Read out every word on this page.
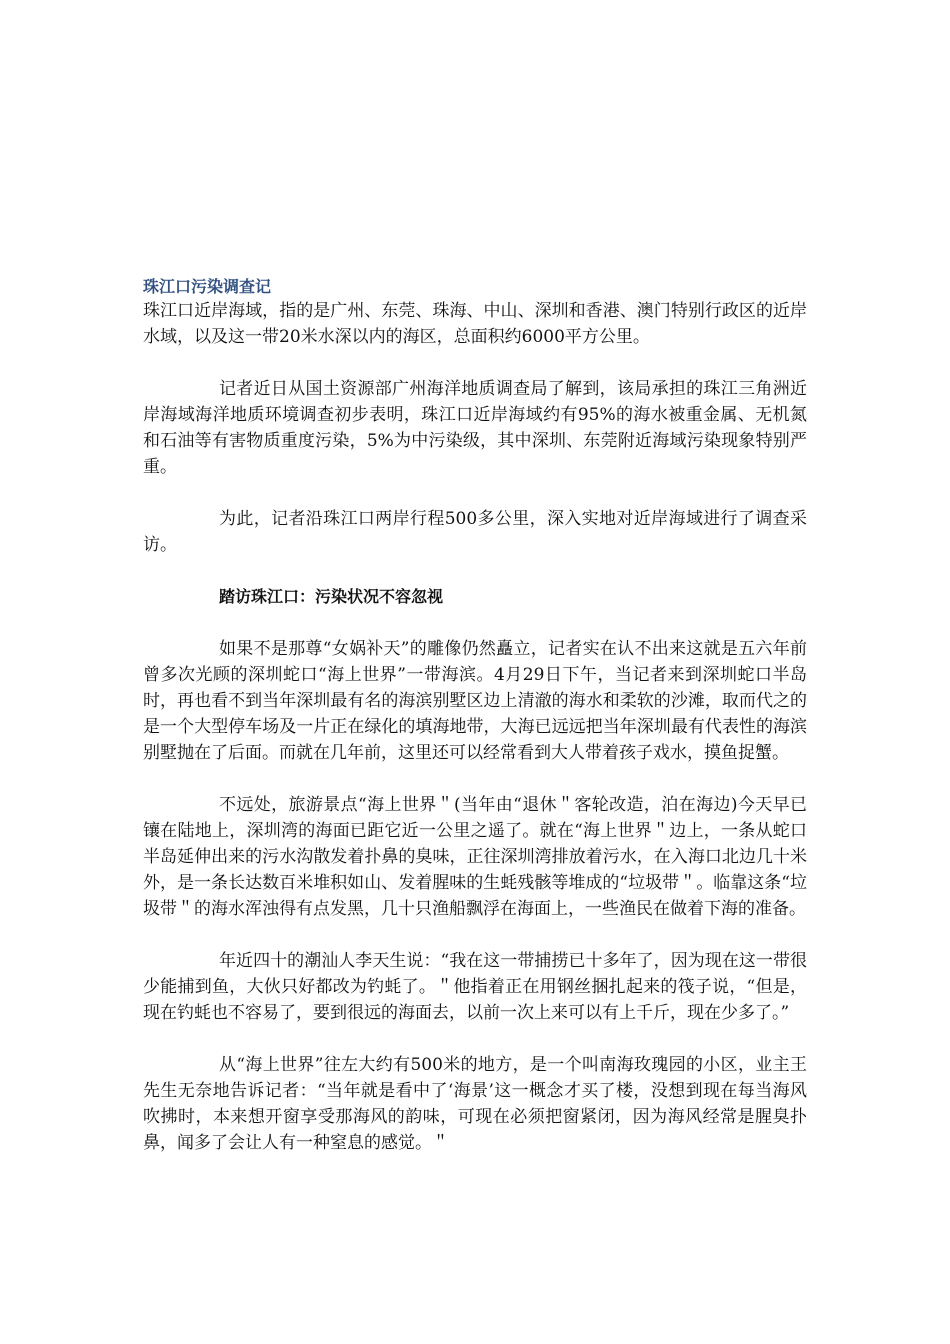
珠江口污染调查记

珠江口近岸海域，指的是广州、东莞、珠海、中山、深圳和香港、澳门特别行政区的近岸水域，以及这一带20米水深以内的海区，总面积约6000平方公里。

记者近日从国土资源部广州海洋地质调查局了解到，该局承担的珠江三角洲近岸海域海洋地质环境调查初步表明，珠江口近岸海域约有95%的海水被重金属、无机氮和石油等有害物质重度污染，5%为中污染级，其中深圳、东莞附近海域污染现象特别严重。

为此，记者沿珠江口两岸行程500多公里，深入实地对近岸海域进行了调查采访。

踏访珠江口：污染状况不容忽视

如果不是那尊“女娲补天”的雕像仍然矗立，记者实在认不出来这就是五六年前曾多次光顾的深圳蛇口“海上世界”一带海滨。4月29日下午，当记者来到深圳蛇口半岛时，再也看不到当年深圳最有名的海滨别墅区边上清澈的海水和柔软的沙滩，取而代之的是一个大型停车场及一片正在绿化的填海地带，大海已远远把当年深圳最有代表性的海滨别墅抛在了后面。而就在几年前，这里还可以经常看到大人带着孩子戏水，摸鱼捉蟹。

不远处，旅游景点“海上世界＂(当年由“退休＂客轮改造，泊在海边)今天早已镶在陆地上，深圳湾的海面已距它近一公里之遥了。就在“海上世界＂边上，一条从蛇口半岛延伸出来的污水沟散发着扑鼻的臭味，正往深圳湾排放着污水，在入海口北边几十米外，是一条长达数百米堆积如山、发着腥味的生蚝残骸等堆成的“垃圾带＂。临靠这条“垃圾带＂的海水浑浊得有点发黑，几十只渔船飘浮在海面上，一些渔民在做着下海的准备。

年近四十的潮汕人李天生说：“我在这一带捕捞已十多年了，因为现在这一带很少能捕到鱼，大伙只好都改为钓蚝了。＂他指着正在用钢丝捆扎起来的筏子说，“但是，现在钓蚝也不容易了，要到很远的海面去，以前一次上来可以有上千斤，现在少多了。”

从“海上世界”往左大约有500米的地方，是一个叫南海玫瑰园的小区，业主王先生无奈地告诉记者：“当年就是看中了‘海景’这一概念才买了楼，没想到现在每当海风吹拂时，本来想开窗享受那海风的韵味，可现在必须把窗紧闭，因为海风经常是腥臭扑鼻，闻多了会让人有一种窒息的感觉。＂
